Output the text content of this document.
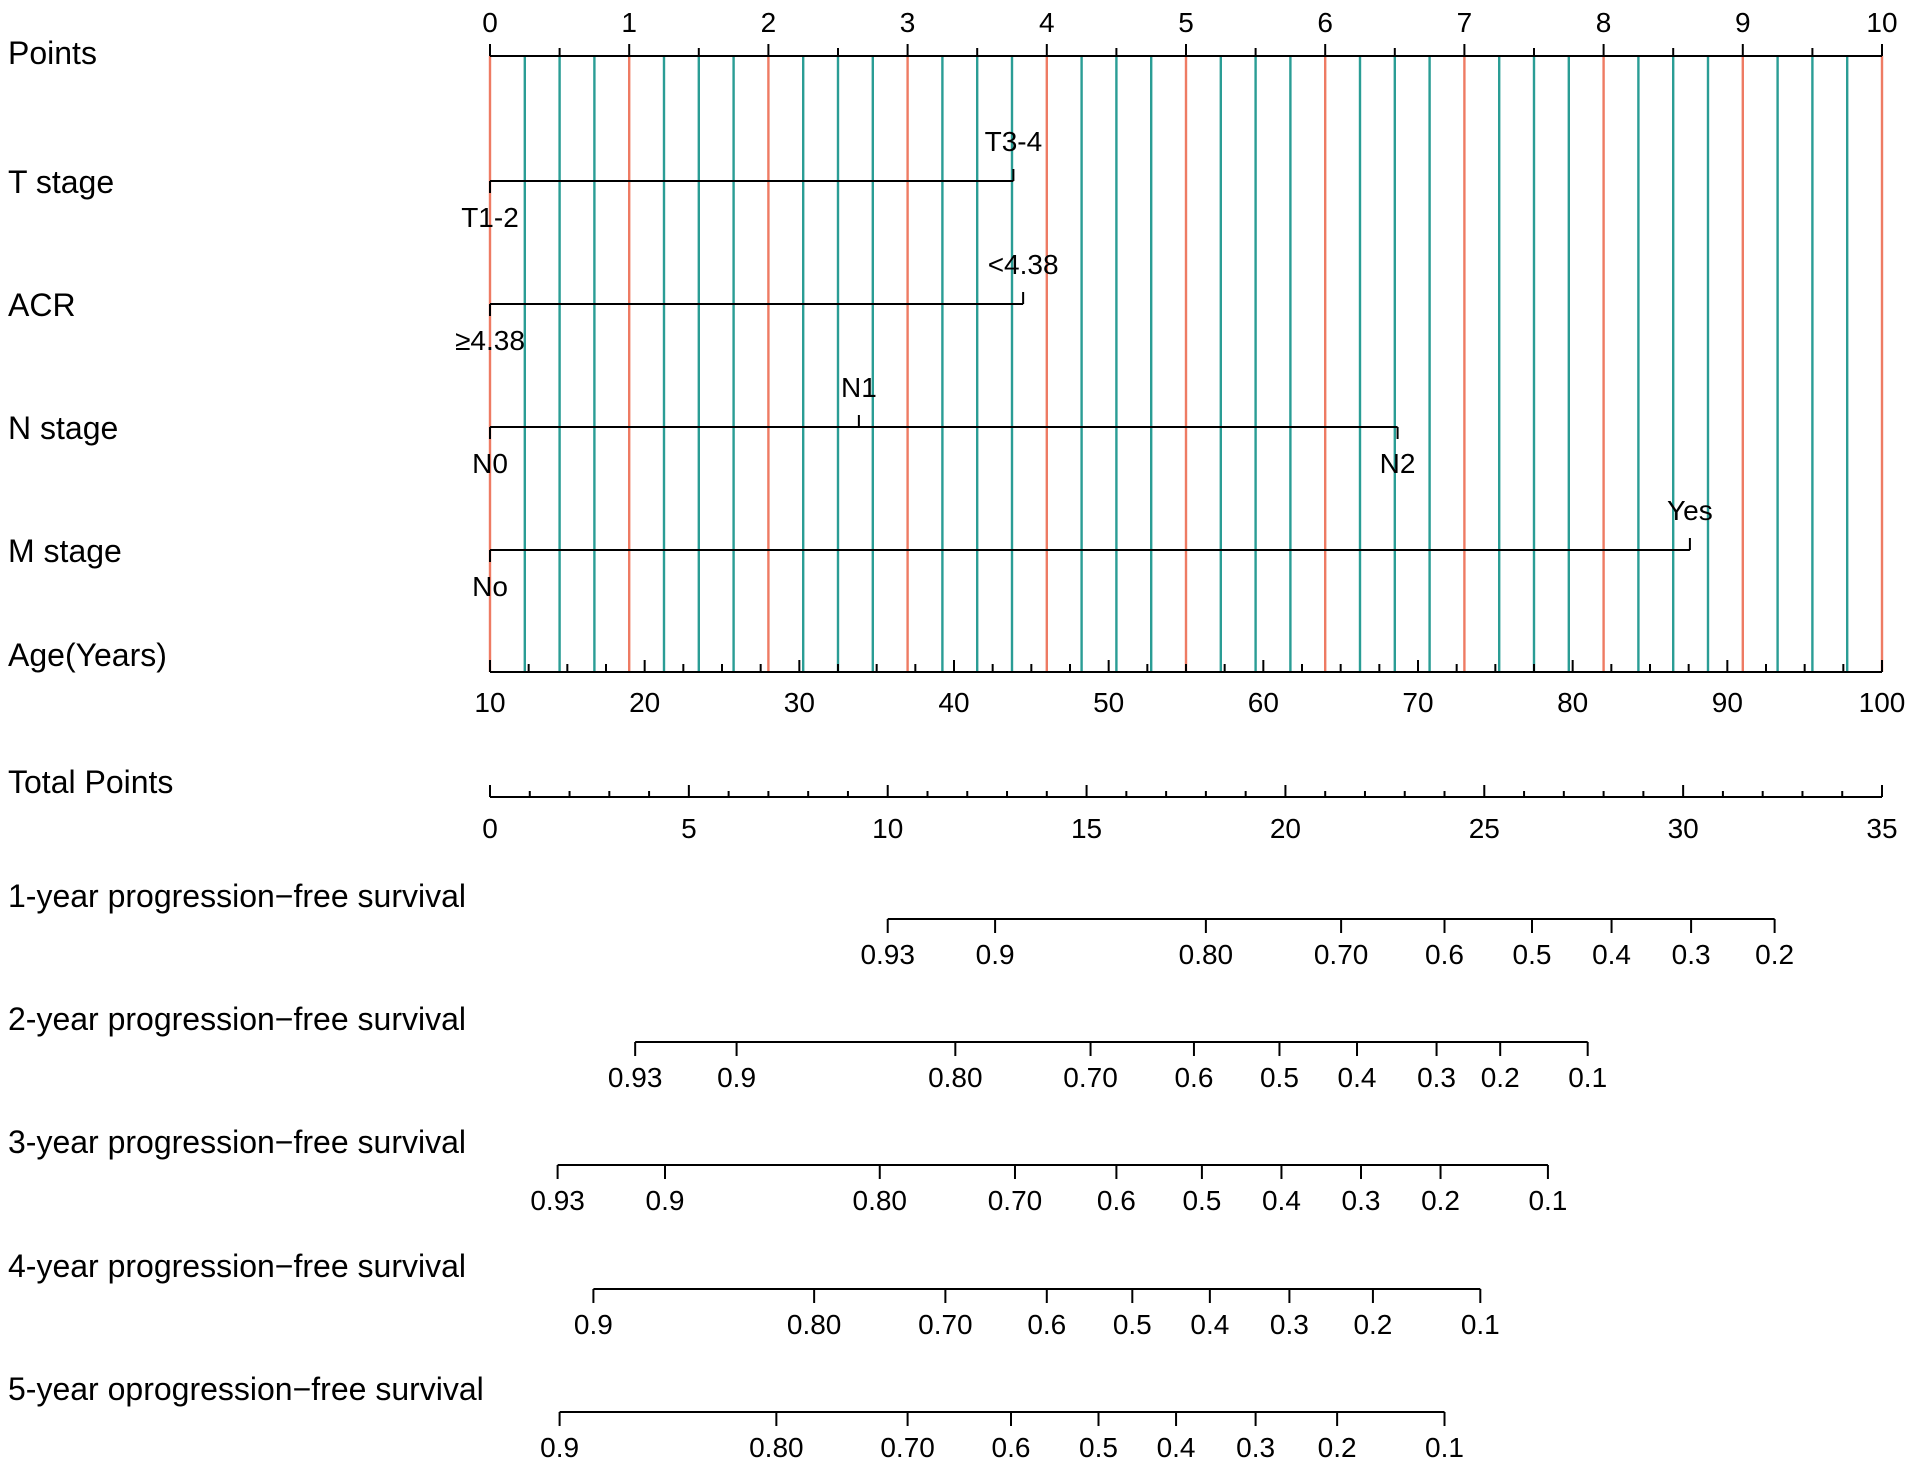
0	1	2	3	4	5	6	7	8	9	10
Points
T1-2
T3-4
T stage
≥4.38
<4.38
ACR
N0
N1
N2
N stage
No
Yes
M stage
10	20	30	40	50	60	70	80	90	100
Age(Years)
0	5	10	15	20	25	30	35
Total Points
0.93 0.9	0.80	0.70 0.6 0.5 0.4 0.3 0.2
1-year progression−free survival
0.93 0.9	0.80	0.70 0.6 0.5 0.4 0.3 0.2 0.1
2-year progression−free survival
0.93 0.9	0.80	0.70 0.6 0.5 0.4 0.3 0.2 0.1
3-year progression−free survival
0.9	0.80	0.70 0.6 0.5 0.4 0.3 0.2 0.1
4-year progression−free survival
0.9	0.80	0.70 0.6 0.5 0.4 0.3 0.2 0.1
5-year oprogression−free survival
